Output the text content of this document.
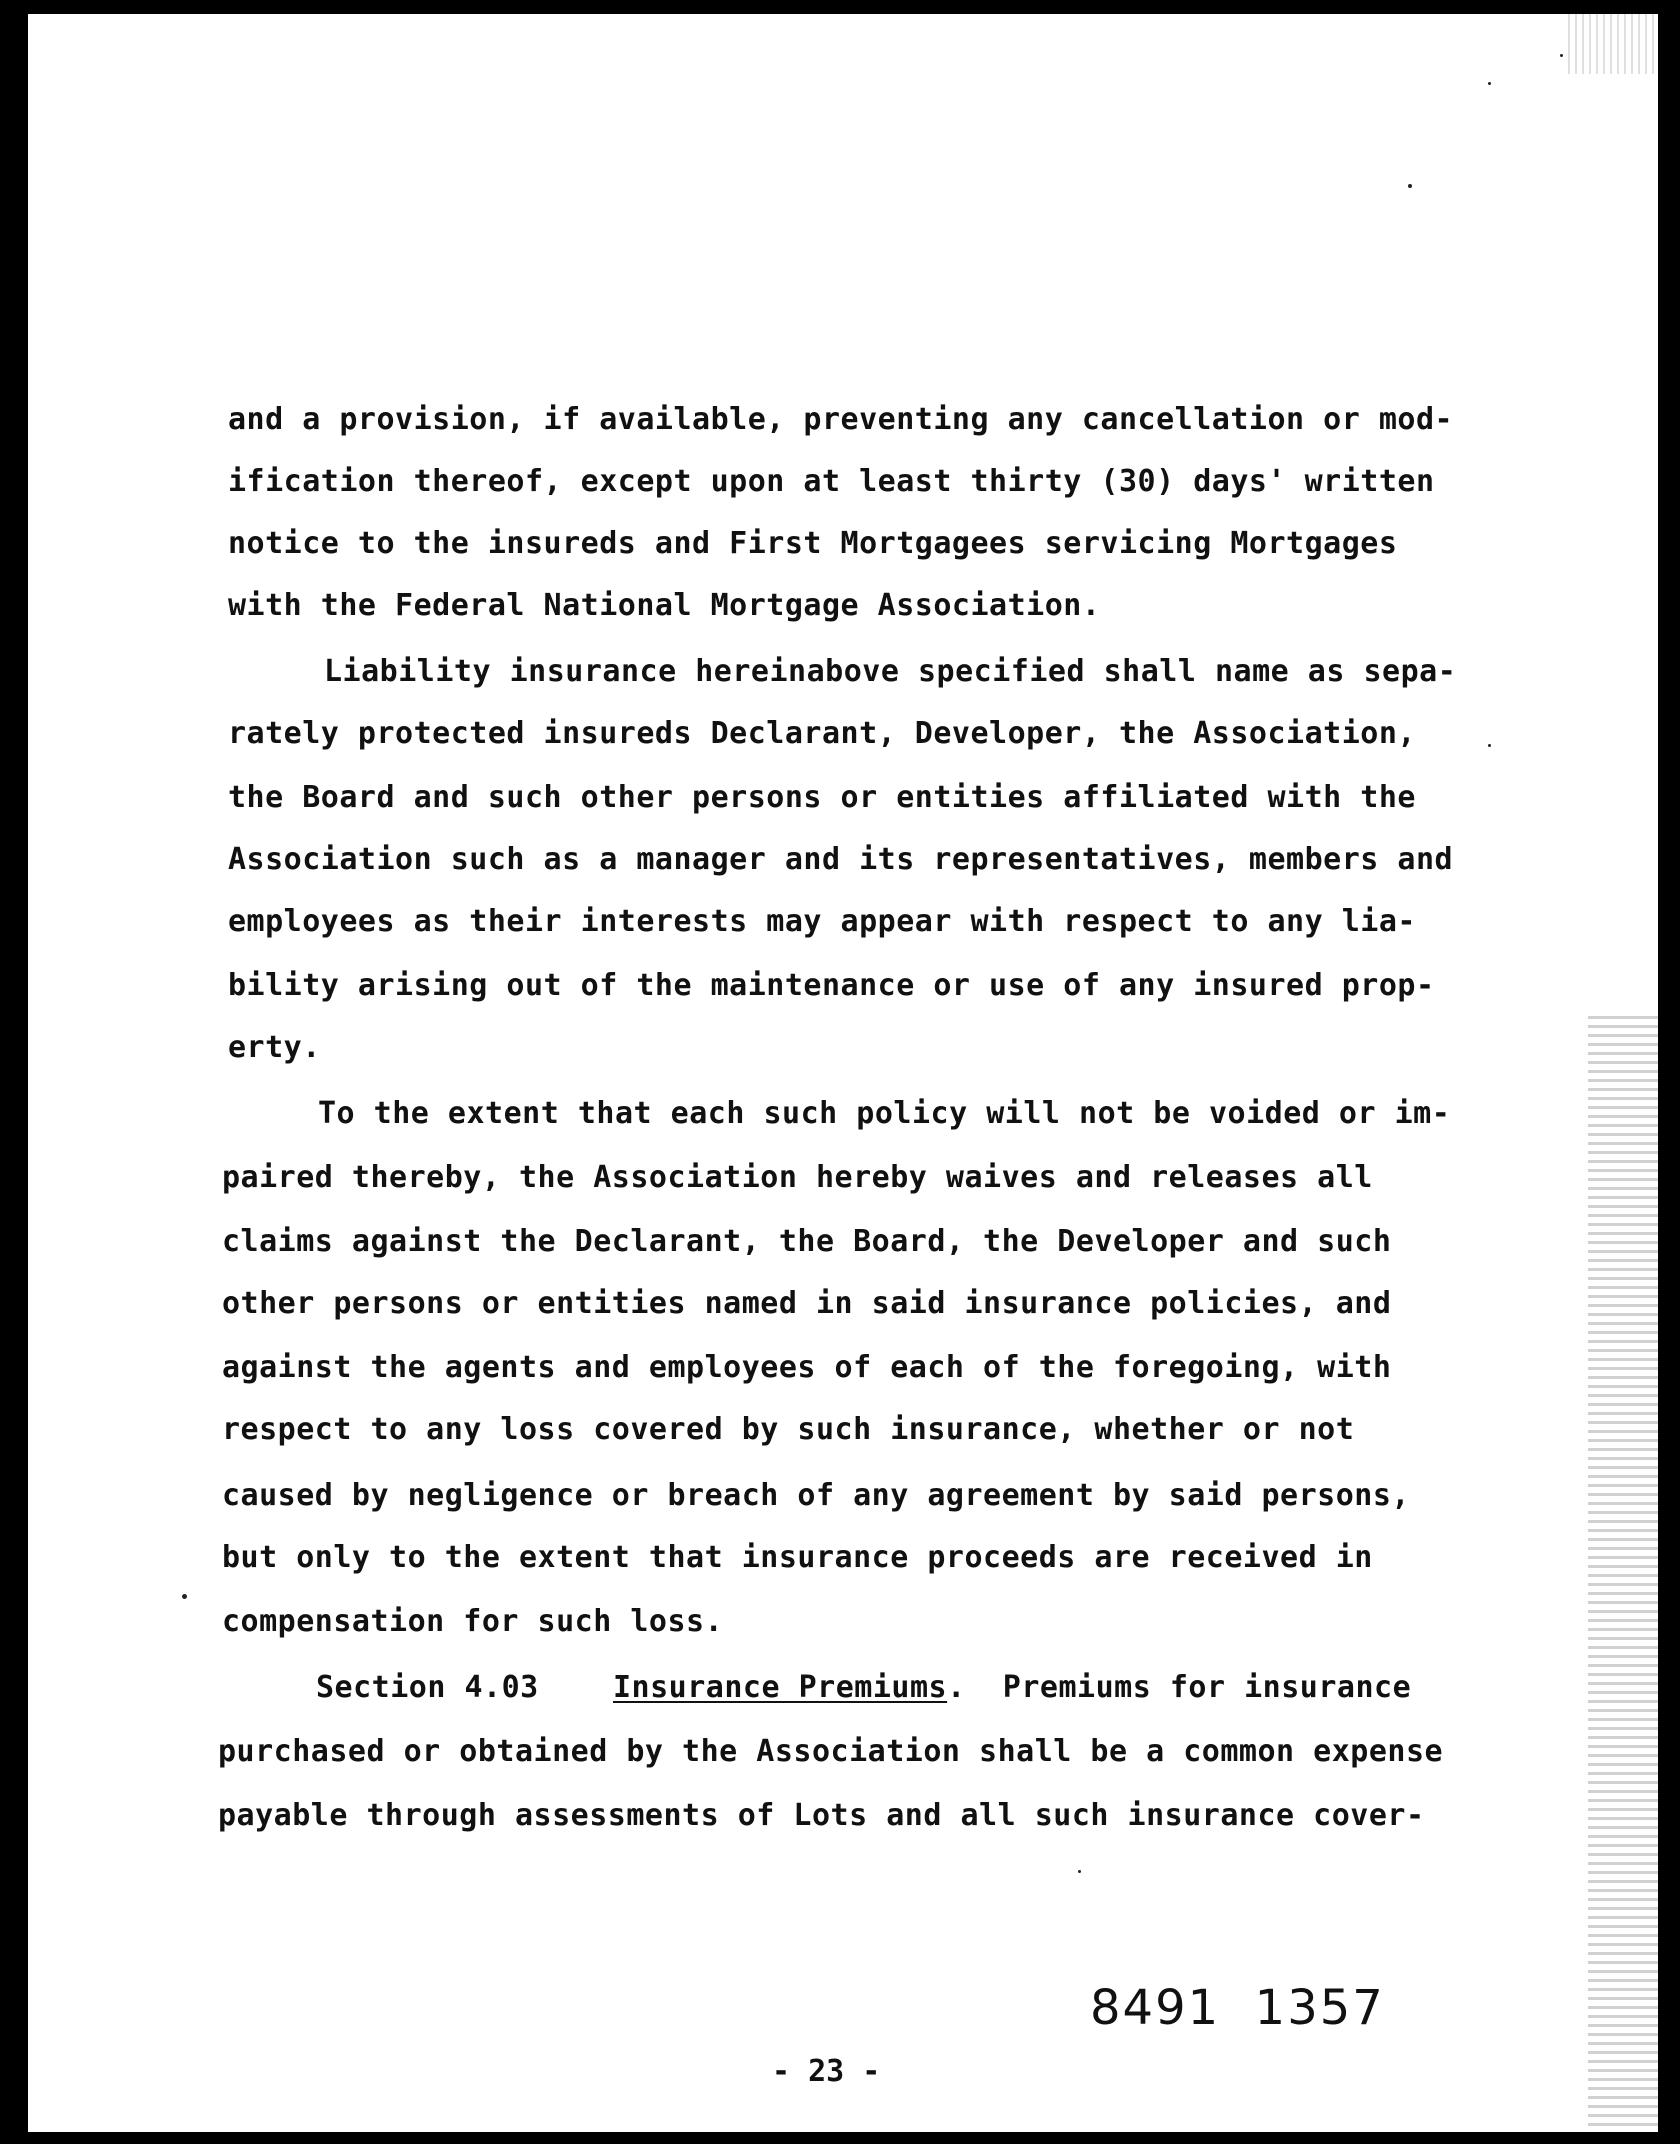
and a provision, if available, preventing any cancellation or mod-
ification thereof, except upon at least thirty (30) days' written
notice to the insureds and First Mortgagees servicing Mortgages
with the Federal National Mortgage Association.
Liability insurance hereinabove specified shall name as sepa-
rately protected insureds Declarant, Developer, the Association,
the Board and such other persons or entities affiliated with the
Association such as a manager and its representatives, members and
employees as their interests may appear with respect to any lia-
bility arising out of the maintenance or use of any insured prop-
erty.
To the extent that each such policy will not be voided or im-
paired thereby, the Association hereby waives and releases all
claims against the Declarant, the Board, the Developer and such
other persons or entities named in said insurance policies, and
against the agents and employees of each of the foregoing, with
respect to any loss covered by such insurance, whether or not
caused by negligence or breach of any agreement by said persons,
but only to the extent that insurance proceeds are received in
compensation for such loss.
Section 4.03 Insurance Premiums.  Premiums for insurance
purchased or obtained by the Association shall be a common expense
payable through assessments of Lots and all such insurance cover-
8491  1357
- 23 -
